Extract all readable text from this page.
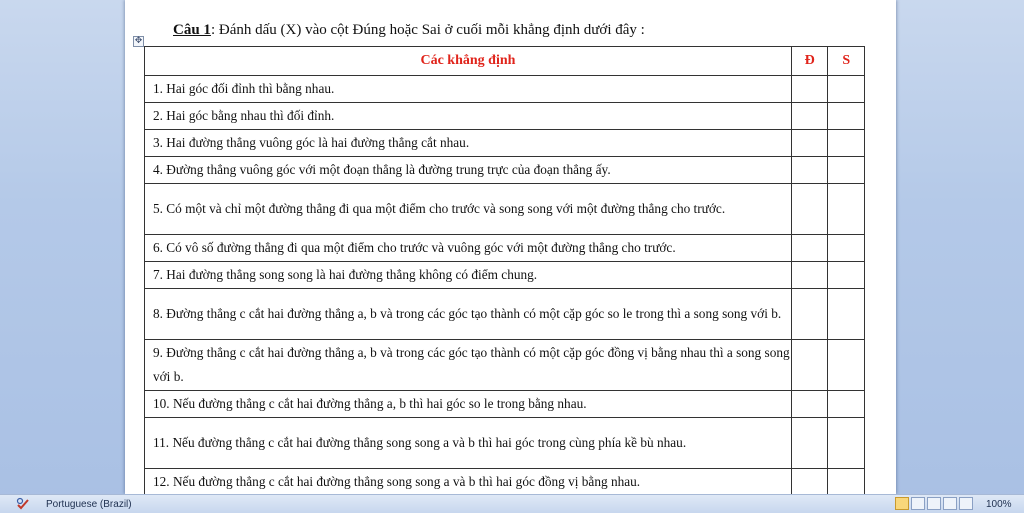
✥
Câu 1: Đánh dấu (X) vào cột Đúng hoặc Sai ở cuối mỗi khẳng định dưới đây :
Các khẳng định	Đ	S
1. Hai góc đối đỉnh thì bằng nhau.		
2. Hai góc bằng nhau thì đối đỉnh.		
3. Hai đường thẳng vuông góc là hai đường thẳng cắt nhau.		
4. Đường thẳng vuông góc với một đoạn thẳng là đường trung trực của đoạn thẳng ấy.		
5. Có một và chỉ một đường thẳng đi qua một điểm cho trước và song song với một đường thẳng cho trước.		
6. Có vô số đường thẳng đi qua một điểm cho trước và vuông góc với một đường thẳng cho trước.		
7. Hai đường thẳng song song là hai đường thẳng không có điểm chung.		
8. Đường thẳng c cắt hai đường thẳng a, b và trong các góc tạo thành có một cặp góc so le trong thì a song song với b.		
9. Đường thẳng c cắt hai đường thẳng a, b và trong các góc tạo thành có một cặp góc đồng vị bằng nhau thì a song song với b.		
10. Nếu đường thẳng c cắt hai đường thẳng a, b thì hai góc so le trong bằng nhau.		
11. Nếu đường thẳng c cắt hai đường thẳng song song a và b thì hai góc trong cùng phía kề bù nhau.		
12. Nếu đường thẳng c cắt hai đường thẳng song song a và b thì hai góc đồng vị bằng nhau.		
Portuguese (Brazil)	100%
